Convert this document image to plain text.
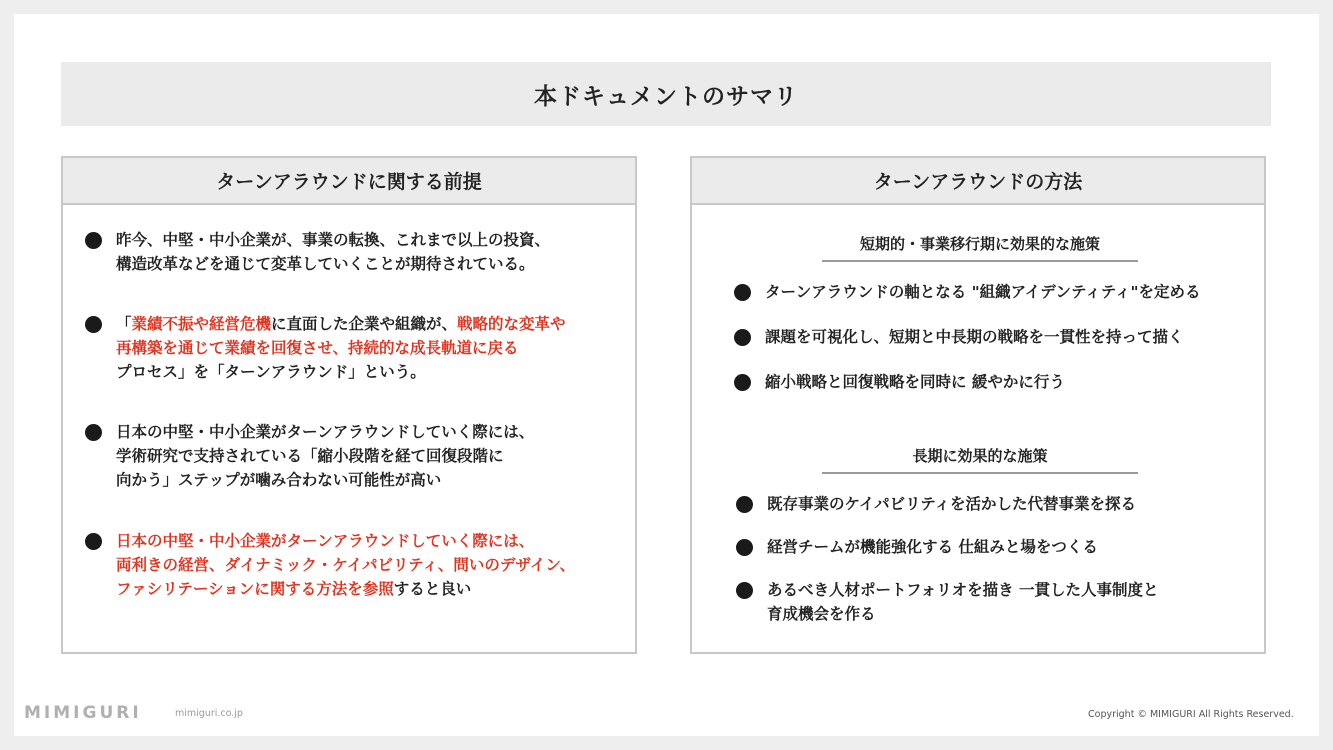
本ドキュメントのサマリ
ターンアラウンドに関する前提
昨今、中堅・中小企業が、事業の転換、これまで以上の投資、
構造改革などを通じて変革していくことが期待されている。
「業績不振や経営危機に直面した企業や組織が、戦略的な変革や
再構築を通じて業績を回復させ、持続的な成長軌道に戻る
プロセス」を「ターンアラウンド」という。
日本の中堅・中小企業がターンアラウンドしていく際には、
学術研究で支持されている「縮小段階を経て回復段階に
向かう」ステップが噛み合わない可能性が高い
日本の中堅・中小企業がターンアラウンドしていく際には、
両利きの経営、ダイナミック・ケイパビリティ、問いのデザイン、
ファシリテーションに関する方法を参照すると良い
ターンアラウンドの方法
短期的・事業移行期に効果的な施策
ターンアラウンドの軸となる "組織アイデンティティ"を定める
課題を可視化し、短期と中長期の戦略を一貫性を持って描く
縮小戦略と回復戦略を同時に 緩やかに行う
長期に効果的な施策
既存事業のケイパビリティを活かした代替事業を探る
経営チームが機能強化する 仕組みと場をつくる
あるべき人材ポートフォリオを描き 一貫した人事制度と
育成機会を作る
MIMIGURI	mimiguri.co.jp	Copyright © MIMIGURI All Rights Reserved.
